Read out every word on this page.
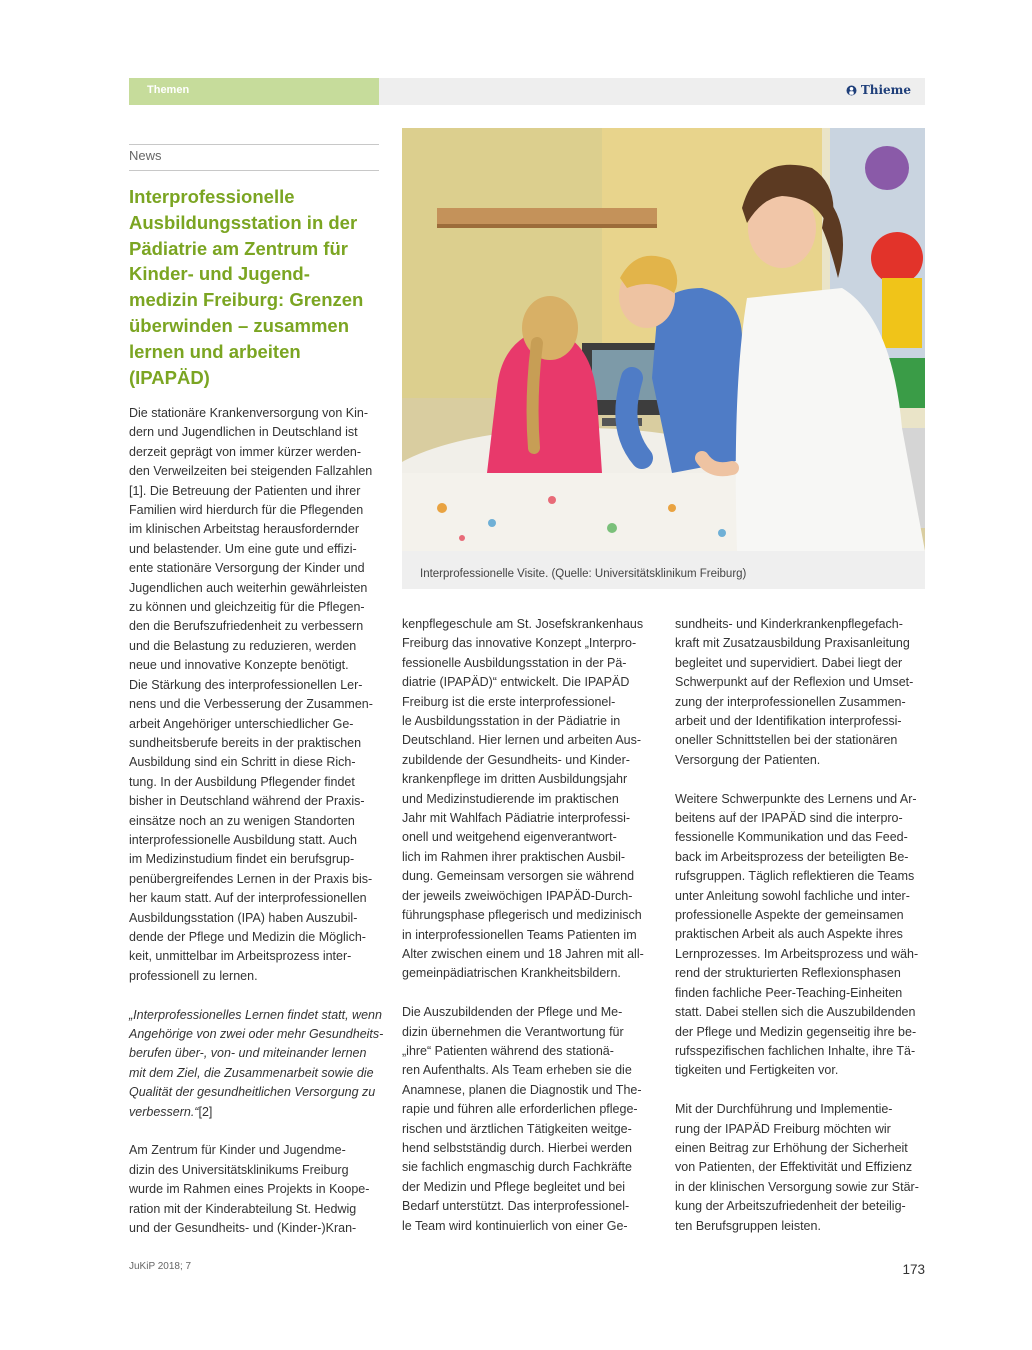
Themen	Thieme
News
Interprofessionelle
Ausbildungsstation in der
Pädiatrie am Zentrum für
Kinder- und Jugend-
medizin Freiburg: Grenzen
überwinden – zusammen
lernen und arbeiten
(IPAPÄD)

Die stationäre Krankenversorgung von Kin-
dern und Jugendlichen in Deutschland ist
derzeit geprägt von immer kürzer werden-
den Verweilzeiten bei steigenden Fallzahlen
[1]. Die Betreuung der Patienten und ihrer
Familien wird hierdurch für die Pflegenden
im klinischen Arbeitstag herausfordernder
und belastender. Um eine gute und effizi-
ente stationäre Versorgung der Kinder und
Jugendlichen auch weiterhin gewährleisten
zu können und gleichzeitig für die Pflegen-
den die Berufszufriedenheit zu verbessern
und die Belastung zu reduzieren, werden
neue und innovative Konzepte benötigt.
Die Stärkung des interprofessionellen Ler-
nens und die Verbesserung der Zusammen-
arbeit Angehöriger unterschiedlicher Ge-
sundheitsberufe bereits in der praktischen
Ausbildung sind ein Schritt in diese Rich-
tung. In der Ausbildung Pflegender findet
bisher in Deutschland während der Praxis-
einsätze noch an zu wenigen Standorten
interprofessionelle Ausbildung statt. Auch
im Medizinstudium findet ein berufsgrup-
penübergreifendes Lernen in der Praxis bis-
her kaum statt. Auf der interprofessionellen
Ausbildungsstation (IPA) haben Auszubil-
dende der Pflege und Medizin die Möglich-
keit, unmittelbar im Arbeitsprozess inter-
professionell zu lernen.

„Interprofessionelles Lernen findet statt, wenn
Angehörige von zwei oder mehr Gesundheits-
berufen über-, von- und miteinander lernen
mit dem Ziel, die Zusammenarbeit sowie die
Qualität der gesundheitlichen Versorgung zu
verbessern.“[2]

Am Zentrum für Kinder und Jugendme-
dizin des Universitätsklinikums Freiburg
wurde im Rahmen eines Projekts in Koope-
ration mit der Kinderabteilung St. Hedwig
und der Gesundheits- und (Kinder-)Kran-

Interprofessionelle Visite. (Quelle: Universitätsklinikum Freiburg)

kenpflegeschule am St. Josefskrankenhaus
Freiburg das innovative Konzept „Interpro-
fessionelle Ausbildungsstation in der Pä-
diatrie (IPAPÄD)“ entwickelt. Die IPAPÄD
Freiburg ist die erste interprofessionel-
le Ausbildungsstation in der Pädiatrie in
Deutschland. Hier lernen und arbeiten Aus-
zubildende der Gesundheits- und Kinder-
krankenpflege im dritten Ausbildungsjahr
und Medizinstudierende im praktischen
Jahr mit Wahlfach Pädiatrie interprofessi-
onell und weitgehend eigenverantwort-
lich im Rahmen ihrer praktischen Ausbil-
dung. Gemeinsam versorgen sie während
der jeweils zweiwöchigen IPAPÄD-Durch-
führungsphase pflegerisch und medizinisch
in interprofessionellen Teams Patienten im
Alter zwischen einem und 18 Jahren mit all-
gemeinpädiatrischen Krankheitsbildern.

Die Auszubildenden der Pflege und Me-
dizin übernehmen die Verantwortung für
„ihre“ Patienten während des stationä-
ren Aufenthalts. Als Team erheben sie die
Anamnese, planen die Diagnostik und The-
rapie und führen alle erforderlichen pflege-
rischen und ärztlichen Tätigkeiten weitge-
hend selbstständig durch. Hierbei werden
sie fachlich engmaschig durch Fachkräfte
der Medizin und Pflege begleitet und bei
Bedarf unterstützt. Das interprofessionel-
le Team wird kontinuierlich von einer Ge-

sundheits- und Kinderkrankenpflegefach-
kraft mit Zusatzausbildung Praxisanleitung
begleitet und supervidiert. Dabei liegt der
Schwerpunkt auf der Reflexion und Umset-
zung der interprofessionellen Zusammen-
arbeit und der Identifikation interprofessi-
oneller Schnittstellen bei der stationären
Versorgung der Patienten.

Weitere Schwerpunkte des Lernens und Ar-
beitens auf der IPAPÄD sind die interpro-
fessionelle Kommunikation und das Feed-
back im Arbeitsprozess der beteiligten Be-
rufsgruppen. Täglich reflektieren die Teams
unter Anleitung sowohl fachliche und inter-
professionelle Aspekte der gemeinsamen
praktischen Arbeit als auch Aspekte ihres
Lernprozesses. Im Arbeitsprozess und wäh-
rend der strukturierten Reflexionsphasen
finden fachliche Peer-Teaching-Einheiten
statt. Dabei stellen sich die Auszubildenden
der Pflege und Medizin gegenseitig ihre be-
rufsspezifischen fachlichen Inhalte, ihre Tä-
tigkeiten und Fertigkeiten vor.

Mit der Durchführung und Implementie-
rung der IPAPÄD Freiburg möchten wir
einen Beitrag zur Erhöhung der Sicherheit
von Patienten, der Effektivität und Effizienz
in der klinischen Versorgung sowie zur Stär-
kung der Arbeitszufriedenheit der beteilig-
ten Berufsgruppen leisten.

JuKiP 2018; 7	173
